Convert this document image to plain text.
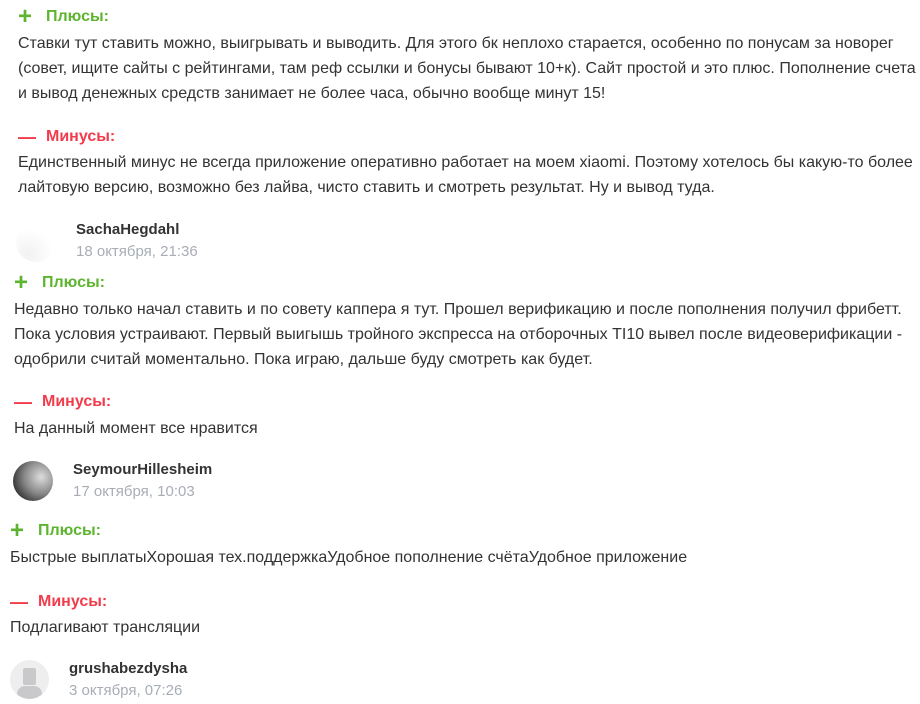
+ Плюсы:
Ставки тут ставить можно, выигрывать и выводить. Для этого бк неплохо старается, особенно по понусам за новорег (совет, ищите сайты с рейтингами, там реф ссылки и бонусы бывают 10+к). Сайт простой и это плюс. Пополнение счета и вывод денежных средств занимает не более часа, обычно вообще минут 15!
— Минусы:
Единственный минус не всегда приложение оперативно работает на моем xiaomi. Поэтому хотелось бы какую-то более лайтовую версию, возможно без лайва, чисто ставить и смотреть результат. Ну и вывод туда.
SachaHegdahl
18 октября, 21:36
+ Плюсы:
Недавно только начал ставить и по совету каппера я тут. Прошел верификацию и после пополнения получил фрибетт. Пока условия устраивают. Первый выигышь тройного экспресса на отборочных TI10 вывел после видеоверификации - одобрили считай моментально. Пока играю, дальше буду смотреть как будет.
— Минусы:
На данный момент все нравится
SeymourHillesheim
17 октября, 10:03
+ Плюсы:
Быстрые выплатыХорошая тех.поддержкаУдобное пополнение счётаУдобное приложение
— Минусы:
Подлагивают трансляции
grushabezdysha
3 октября, 07:26
